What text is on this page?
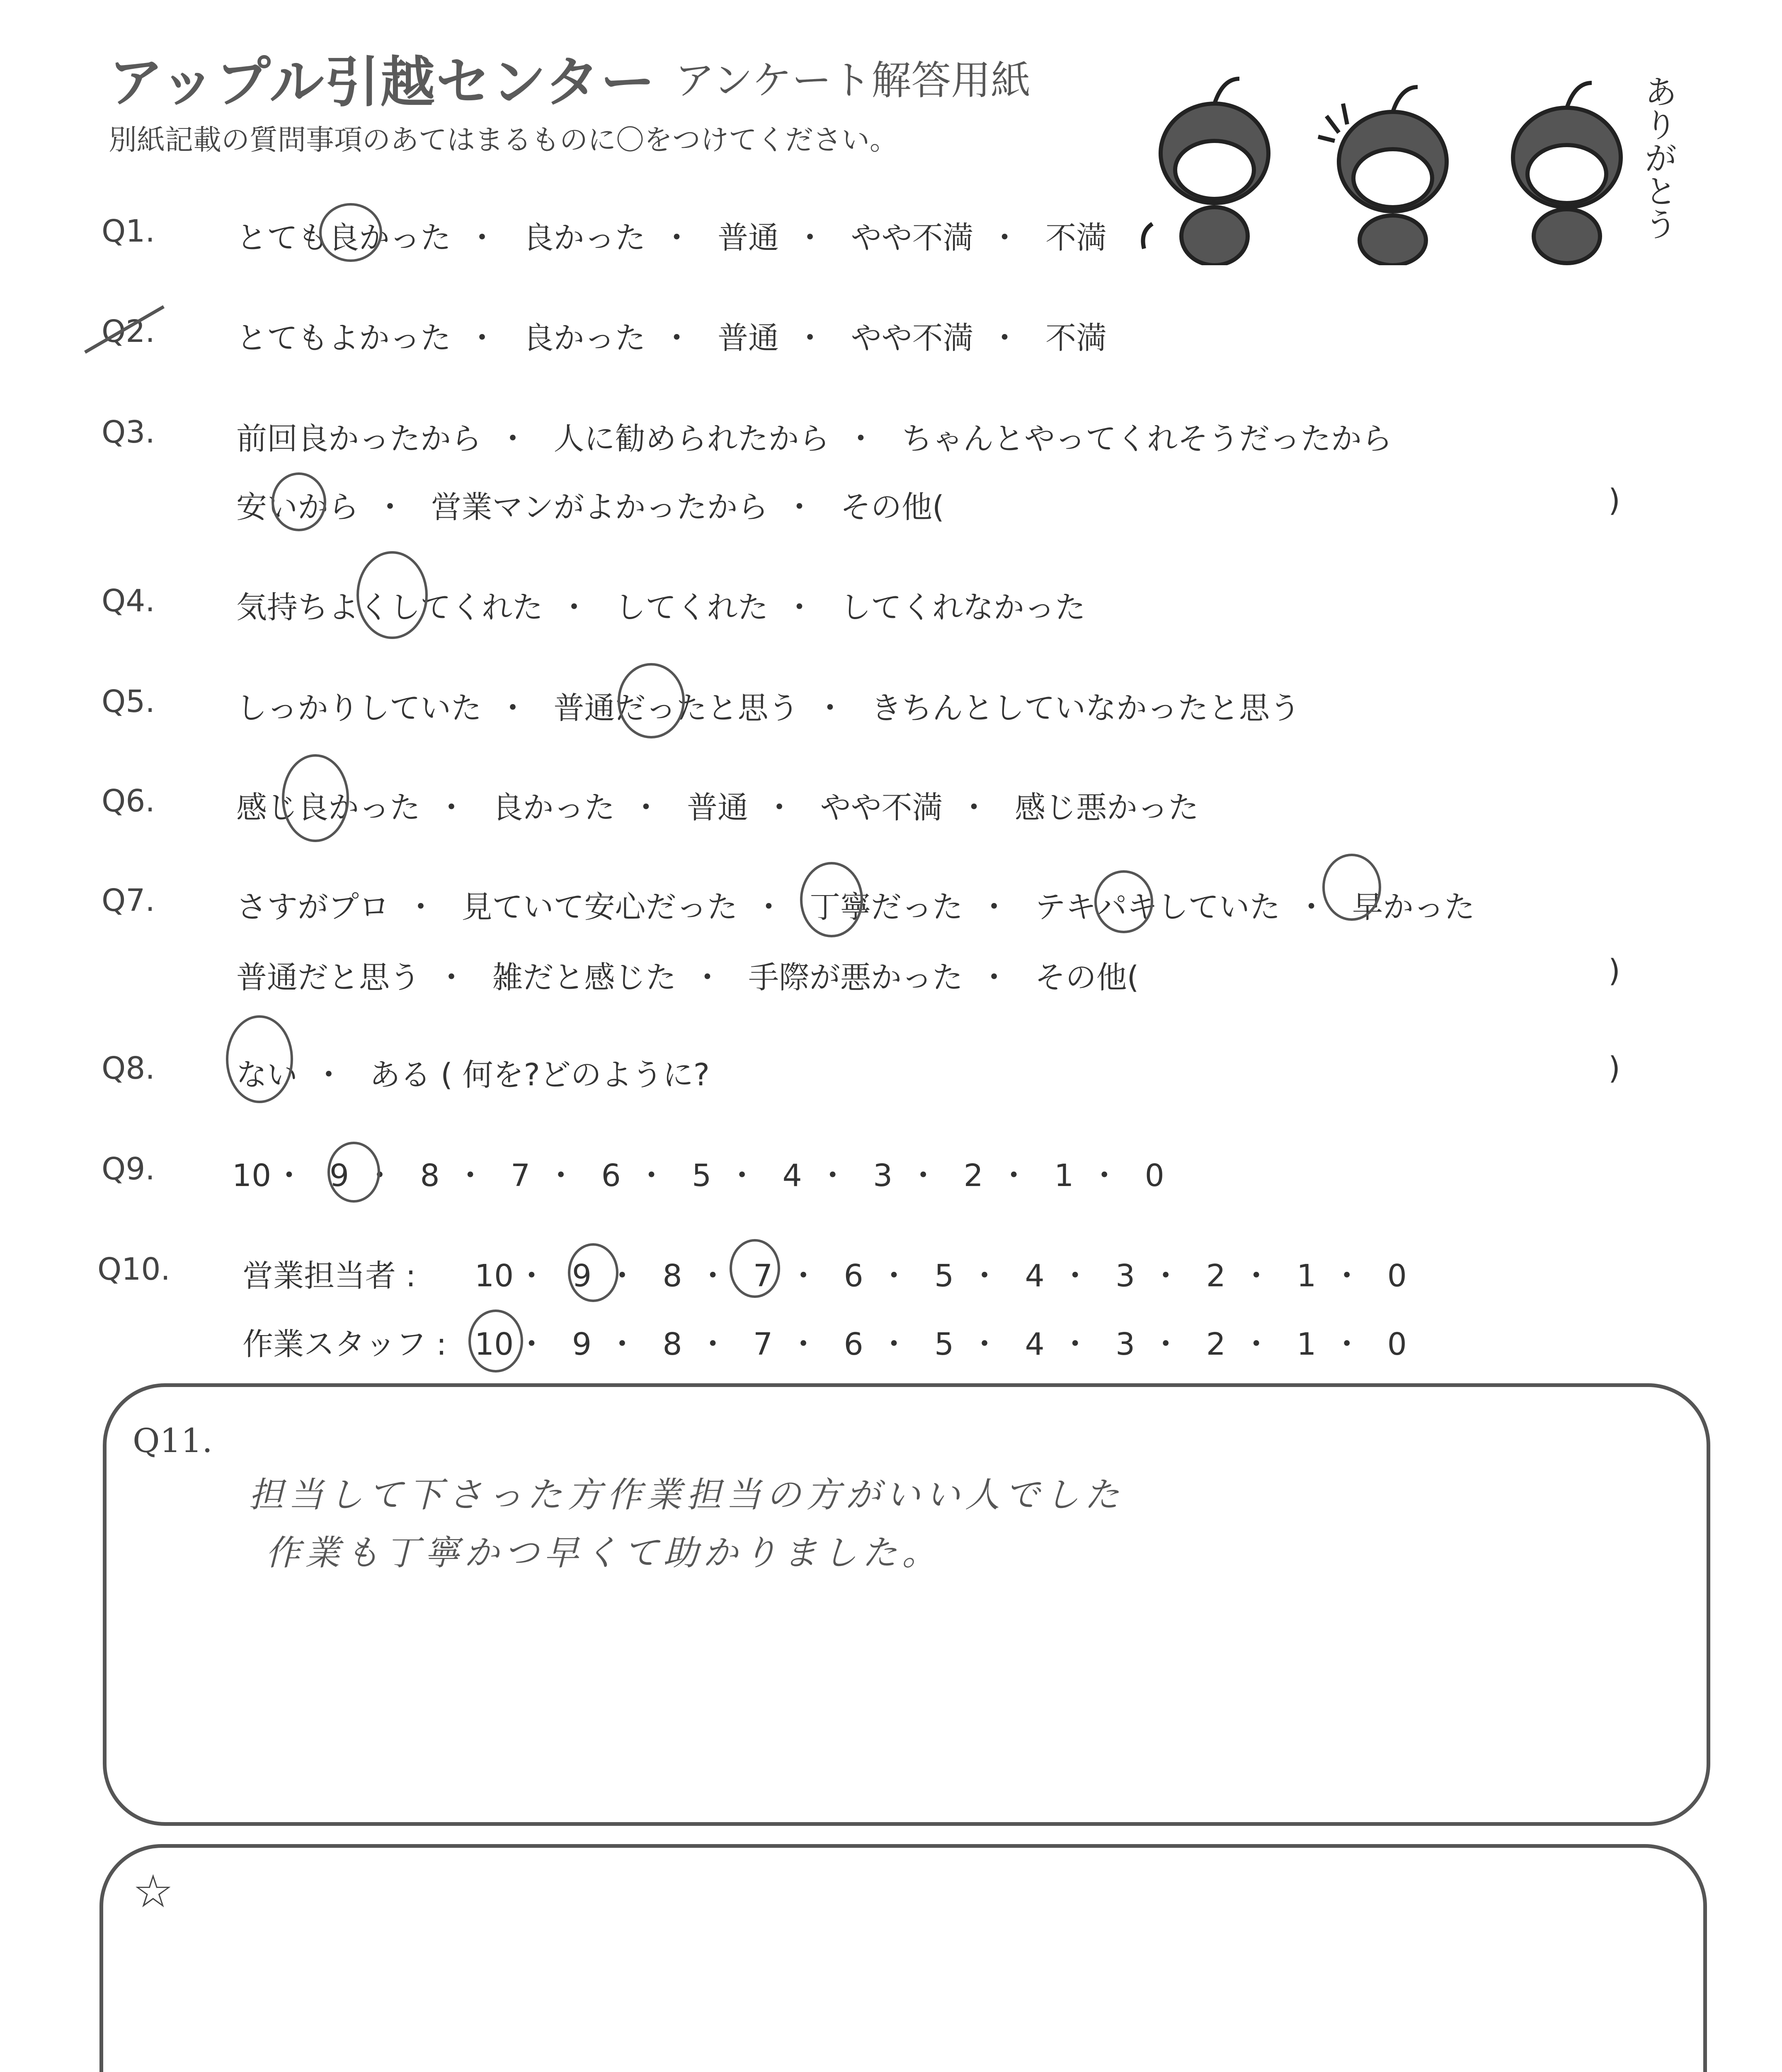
アップル引越センター アンケート解答用紙
別紙記載の質問事項のあてはまるものに〇をつけてください。	ありがとう
Q1.	とても良かった ・ 良かった ・ 普通 ・ やや不満 ・ 不満
Q2.	とてもよかった ・ 良かった ・ 普通 ・ やや不満 ・ 不満
Q3.	前回良かったから ・ 人に勧められたから ・ ちゃんとやってくれそうだったから
安いから ・ 営業マンがよかったから ・ その他(	)
Q4.	気持ちよくしてくれた ・ してくれた ・ してくれなかった
Q5.	しっかりしていた ・ 普通だったと思う ・ きちんとしていなかったと思う
Q6.	感じ良かった ・ 良かった ・ 普通 ・ やや不満 ・ 感じ悪かった
Q7.	さすがプロ ・ 見ていて安心だった ・ 丁寧だった ・ テキパキしていた ・ 早かった
普通だと思う ・ 雑だと感じた ・ 手際が悪かった ・ その他(	)
Q8.	ない ・ ある ( 何を?どのように?	)
Q9.	10・ 9 ・ 8 ・ 7 ・ 6 ・ 5 ・ 4 ・ 3 ・ 2 ・ 1 ・ 0
Q10. 営業担当者 : 10・ 9 ・ 8 ・ 7 ・ 6 ・ 5 ・ 4 ・ 3 ・ 2 ・ 1 ・ 0
作業スタッフ : 10・ 9 ・ 8 ・ 7 ・ 6 ・ 5 ・ 4 ・ 3 ・ 2 ・ 1 ・ 0
Q11.
担当して下さった方作業担当の方がいい人でした
作業も丁寧かつ早くて助かりました。
☆
